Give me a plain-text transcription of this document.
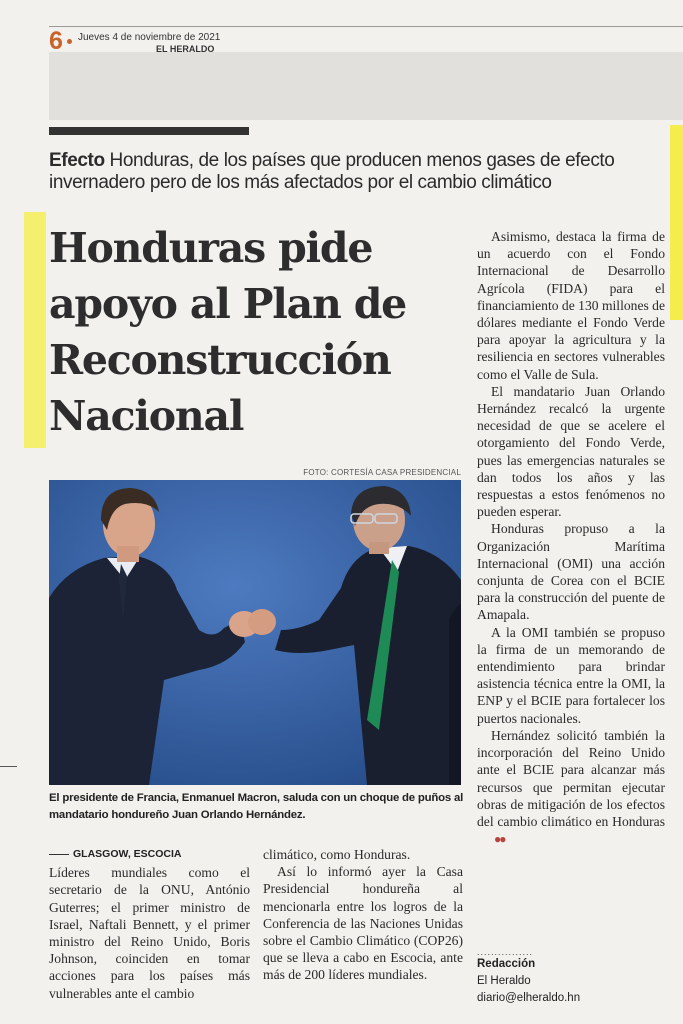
6 Jueves 4 de noviembre de 2021
EL HERALDO
Efecto Honduras, de los países que producen menos gases de efecto invernadero pero de los más afectados por el cambio climático
Honduras pide apoyo al Plan de Reconstrucción Nacional
FOTO: CORTESÍA CASA PRESIDENCIAL
El presidente de Francia, Enmanuel Macron, saluda con un choque de puños al mandatario hondureño Juan Orlando Hernández.
GLASGOW, ESCOCIA

Líderes mundiales como el secretario de la ONU, António Guterres; el primer ministro de Israel, Naftali Bennett, y el primer ministro del Reino Unido, Boris Johnson, coinciden en tomar acciones para los países más vulnerables ante el cambio

climático, como Honduras.

Así lo informó ayer la Casa Presidencial hondureña al mencionarla entre los logros de la Conferencia de las Naciones Unidas sobre el Cambio Climático (COP26) que se lleva a cabo en Escocia, ante más de 200 líderes mundiales.

Asimismo, destaca la firma de un acuerdo con el Fondo Internacional de Desarrollo Agrícola (FIDA) para el financiamiento de 130 millones de dólares mediante el Fondo Verde para apoyar la agricultura y la resiliencia en sectores vulnerables como el Valle de Sula.

El mandatario Juan Orlando Hernández recalcó la urgente necesidad de que se acelere el otorgamiento del Fondo Verde, pues las emergencias naturales se dan todos los años y las respuestas a estos fenómenos no pueden esperar.

Honduras propuso a la Organización Marítima Internacional (OMI) una acción conjunta de Corea con el BCIE para la construcción del puente de Amapala.

A la OMI también se propuso la firma de un memorando de entendimiento para brindar asistencia técnica entre la OMI, la ENP y el BCIE para fortalecer los puertos nacionales.

Hernández solicitó también la incorporación del Reino Unido ante el BCIE para alcanzar más recursos que permitan ejecutar obras de mitigación de los efectos del cambio climático en Honduras●●

................
Redacción
El Heraldo
diario@elheraldo.hn
